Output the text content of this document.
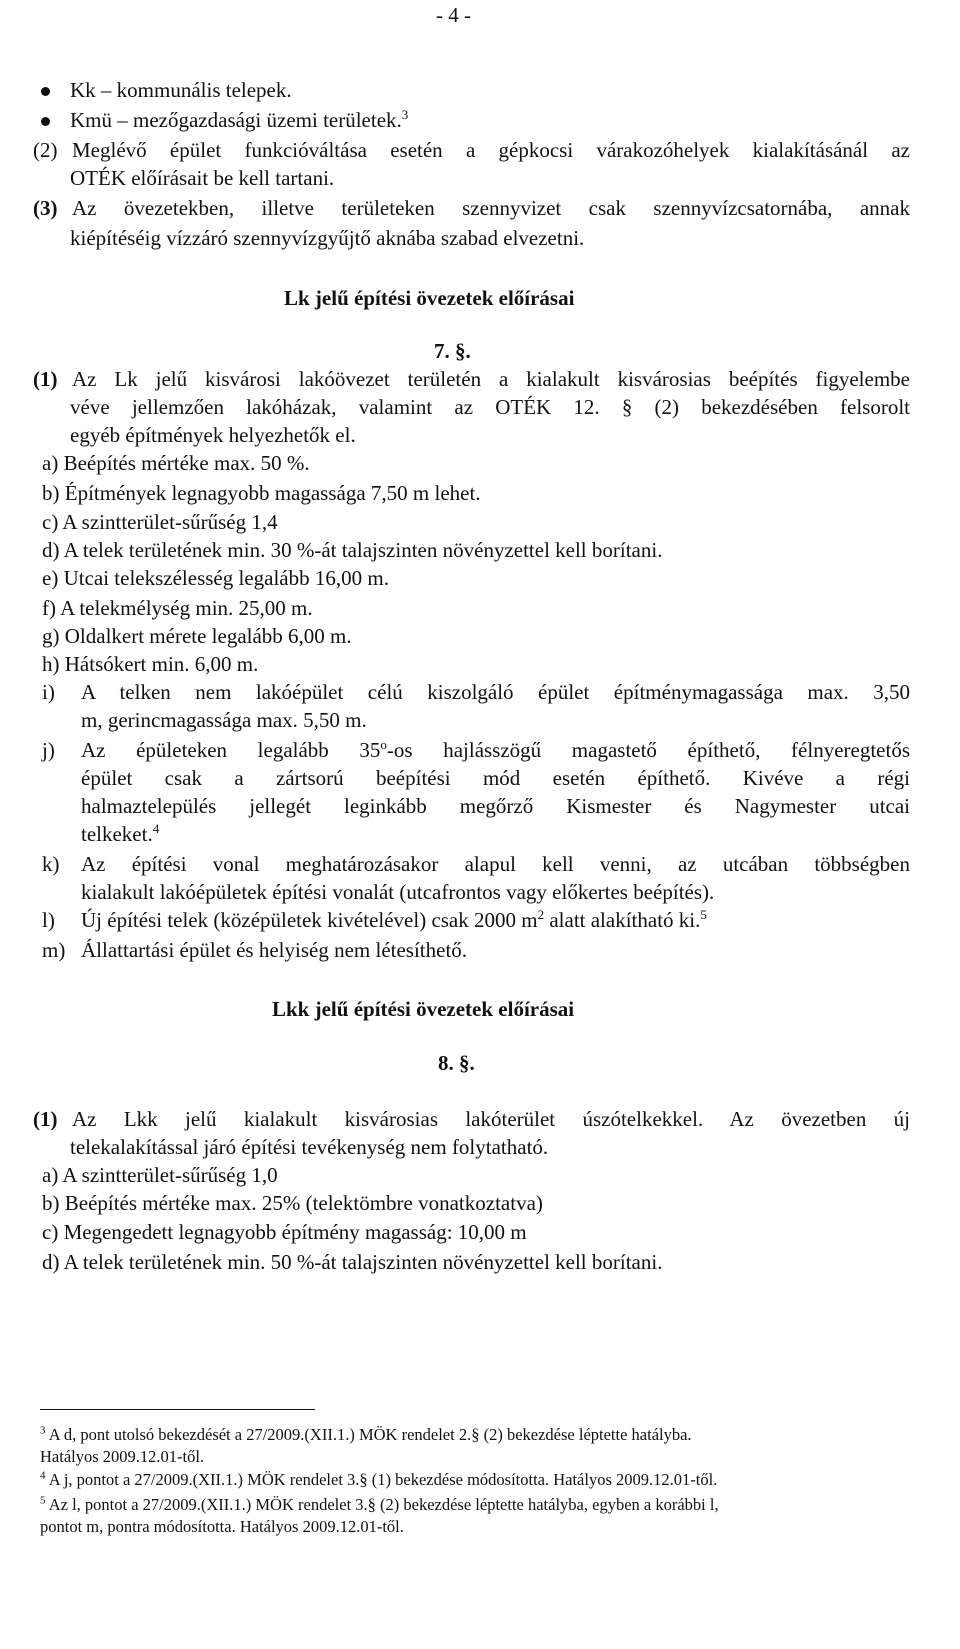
- 4 -
Kk – kommunális telepek.
Kmü – mezőgazdasági üzemi területek.$^3$
(2) Meglévő épület funkcióváltása esetén a gépkocsi várakozóhelyek kialakításánál az
OTÉK előírásait be kell tartani.
(3) Az övezetekben, illetve területeken szennyvizet csak szennyvízcsatornába, annak
kiépítéséig vízzáró szennyvízgyűjtő aknába szabad elvezetni.
Lk jelű építési övezetek előírásai
7. §.
(1) Az Lk jelű kisvárosi lakóövezet területén a kialakult kisvárosias beépítés figyelembe
véve jellemzően lakóházak, valamint az OTÉK 12. § (2) bekezdésében felsorolt
egyéb építmények helyezhetők el.
a) Beépítés mértéke max. 50 %.
b) Építmények legnagyobb magassága 7,50 m lehet.
c) A szintterület-sűrűség 1,4
d) A telek területének min. 30 %-át talajszinten növényzettel kell borítani.
e) Utcai telekszélesség legalább 16,00 m.
f) A telekmélység min. 25,00 m.
g) Oldalkert mérete legalább 6,00 m.
h) Hátsókert min. 6,00 m.
i) A telken nem lakóépület célú kiszolgáló épület építménymagassága max. 3,50
m, gerincmagassága max. 5,50 m.
j) Az épületeken legalább 35$^o$-os hajlásszögű magastető építhető, félnyeregtetős
épület csak a zártsorú beépítési mód esetén építhető. Kivéve a régi
halmaztelepülés jellegét leginkább megőrző Kismester és Nagymester utcai
telkeket.$^4$
k) Az építési vonal meghatározásakor alapul kell venni, az utcában többségben
kialakult lakóépületek építési vonalát (utcafrontos vagy előkertes beépítés).
l) Új építési telek (középületek kivételével) csak 2000 $m^2$ alatt alakítható ki.$^5$
m) Állattartási épület és helyiség nem létesíthető.
Lkk jelű építési övezetek előírásai
8. §.
(1) Az Lkk jelű kialakult kisvárosias lakóterület úszótelkekkel. Az övezetben új
telekalakítással járó építési tevékenység nem folytatható.
a) A szintterület-sűrűség 1,0
b) Beépítés mértéke max. 25% (telektömbre vonatkoztatva)
c) Megengedett legnagyobb építmény magasság: 10,00 m
d) A telek területének min. 50 %-át talajszinten növényzettel kell borítani.
$^3$ A d, pont utolsó bekezdését a 27/2009.(XII.1.) MÖK rendelet 2.§ (2) bekezdése léptette hatályba.
Hatályos 2009.12.01-től.
$^4$ A j, pontot a 27/2009.(XII.1.) MÖK rendelet 3.§ (1) bekezdése módosította. Hatályos 2009.12.01-től.
$^5$ Az l, pontot a 27/2009.(XII.1.) MÖK rendelet 3.§ (2) bekezdése léptette hatályba, egyben a korábbi l,
pontot m, pontra módosította. Hatályos 2009.12.01-től.
